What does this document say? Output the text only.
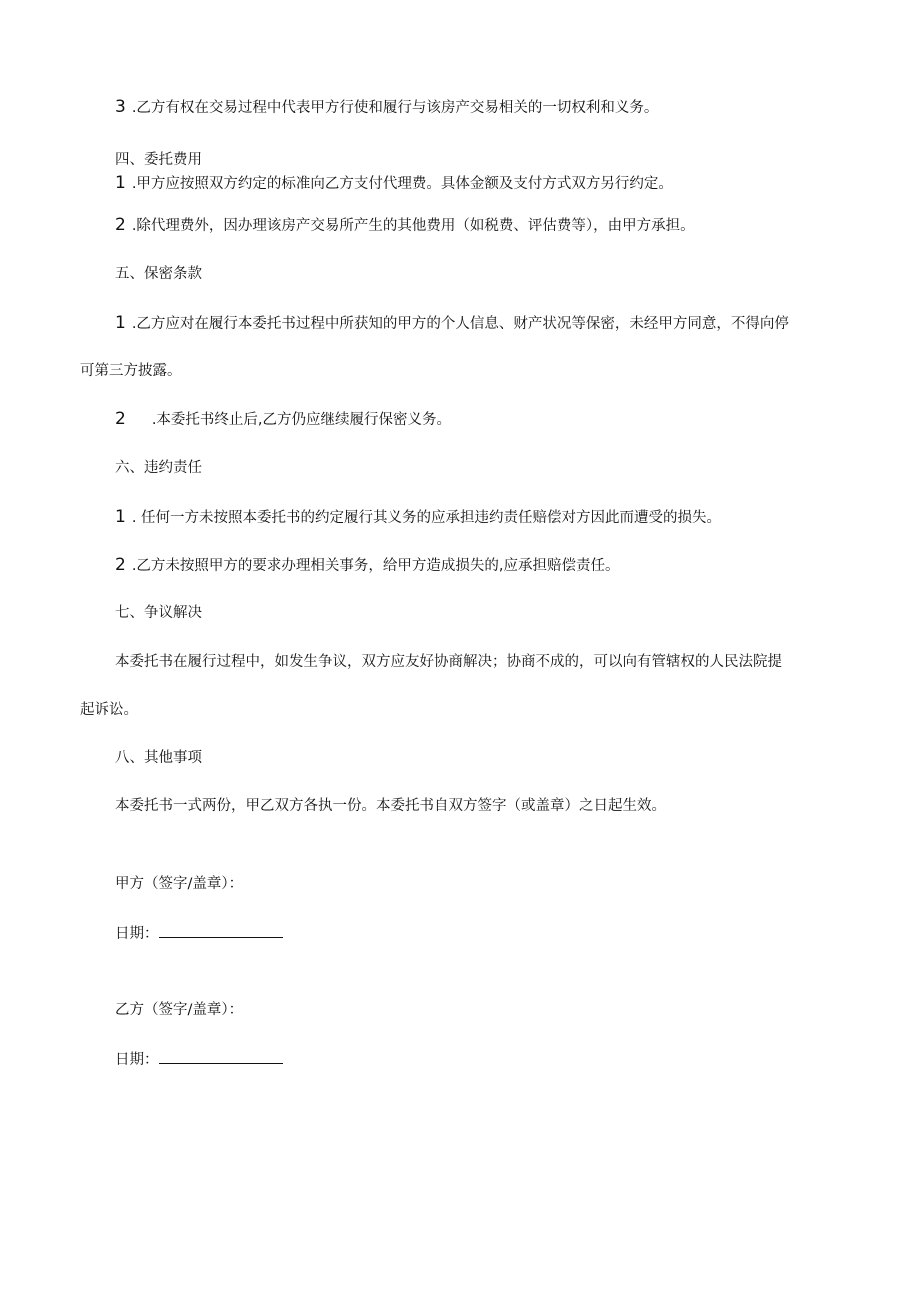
3 .乙方有权在交易过程中代表甲方行使和履行与该房产交易相关的一切权利和义务。
四、委托费用
1 .甲方应按照双方约定的标准向乙方支付代理费。具体金额及支付方式双方另行约定。
2 .除代理费外，因办理该房产交易所产生的其他费用（如税费、评估费等），由甲方承担。
五、保密条款
1 .乙方应对在履行本委托书过程中所获知的甲方的个人信息、财产状况等保密，未经甲方同意，不得向停
可第三方披露。
2 .本委托书终止后,乙方仍应继续履行保密义务。
六、违约责任
1 . 任何一方未按照本委托书的约定履行其义务的应承担违约责任赔偿对方因此而遭受的损失。
2 .乙方未按照甲方的要求办理相关事务，给甲方造成损失的,应承担赔偿责任。
七、争议解决
本委托书在履行过程中，如发生争议，双方应友好协商解决；协商不成的，可以向有管辖权的人民法院提
起诉讼。
八、其他事项
本委托书一式两份，甲乙双方各执一份。本委托书自双方签字（或盖章）之日起生效。
甲方（签字/盖章）：
日期：
乙方（签字/盖章）：
日期：
